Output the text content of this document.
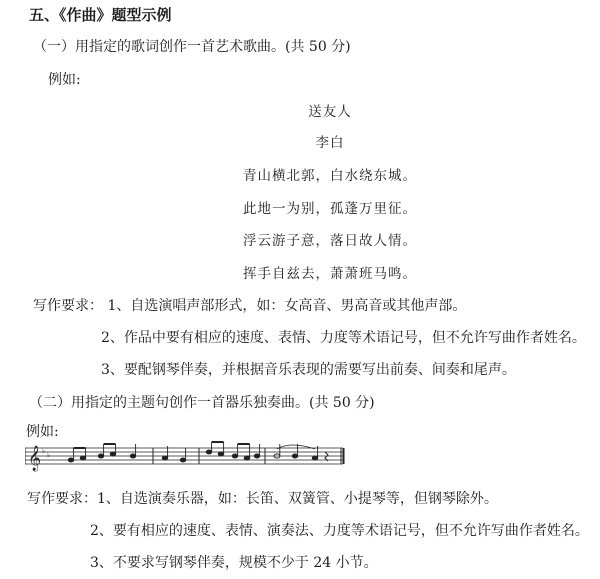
五、《作曲》题型示例
（一）用指定的歌词创作一首艺术歌曲。(共 50 分)
例如:
送友人
李白
青山横北郭，白水绕东城。
此地一为别，孤蓬万里征。
浮云游子意，落日故人情。
挥手自兹去，萧萧班马鸣。
写作要求： 1、自选演唱声部形式，如：女高音、男高音或其他声部。
2、作品中要有相应的速度、表情、力度等术语记号，但不允许写曲作者姓名。
3、要配钢琴伴奏，并根据音乐表现的需要写出前奏、间奏和尾声。
（二）用指定的主题句创作一首器乐独奏曲。(共 50 分)
例如:
𝄞 ♭ ♭
写作要求：1、自选演奏乐器，如：长笛、双簧管、小提琴等，但钢琴除外。
2、要有相应的速度、表情、演奏法、力度等术语记号，但不允许写曲作者姓名。
3、不要求写钢琴伴奏，规模不少于 24 小节。
